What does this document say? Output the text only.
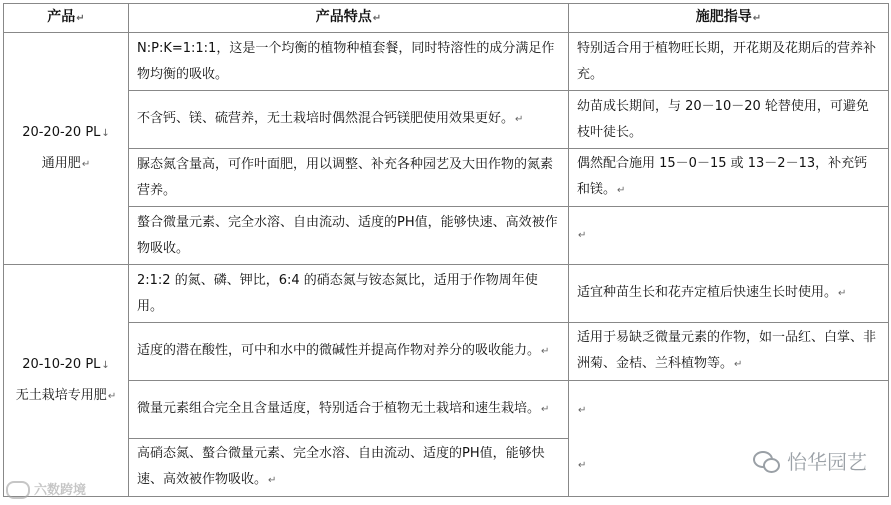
产品↵	产品特点↵	施肥指导↵

20-20-20 PL↓
通用肥↵	N:P:K=1:1:1，这是一个均衡的植物种植套餐，同时特溶性的成分满足作物均衡的吸收。	特别适合用于植物旺长期，开花期及花期后的营养补充。
	不含钙、镁、硫营养，无土栽培时偶然混合钙镁肥使用效果更好。↵	幼苗成长期间，与 20－10－20 轮替使用，可避免枝叶徒长。
	脲态氮含量高，可作叶面肥，用以调整、补充各种园艺及大田作物的氮素营养。	偶然配合施用 15－0－15 或 13－2－13，补充钙和镁。↵
	螯合微量元素、完全水溶、自由流动、适度的PH值，能够快速、高效被作物吸收。	↵

20-10-20 PL↓
无土栽培专用肥↵	2:1:2 的氮、磷、钾比，6:4 的硝态氮与铵态氮比，适用于作物周年使用。	适宜种苗生长和花卉定植后快速生长时使用。↵
	适度的潜在酸性，可中和水中的微碱性并提高作物对养分的吸收能力。↵	适用于易缺乏微量元素的作物，如一品红、白掌、非洲菊、金桔、兰科植物等。↵
	微量元素组合完全且含量适度，特别适合于植物无土栽培和速生栽培。↵	↵
↵

	高硝态氮、螯合微量元素、完全水溶、自由流动、适度的PH值，能够快速、高效被作物吸收。↵	
六数跨境
怡华园艺
